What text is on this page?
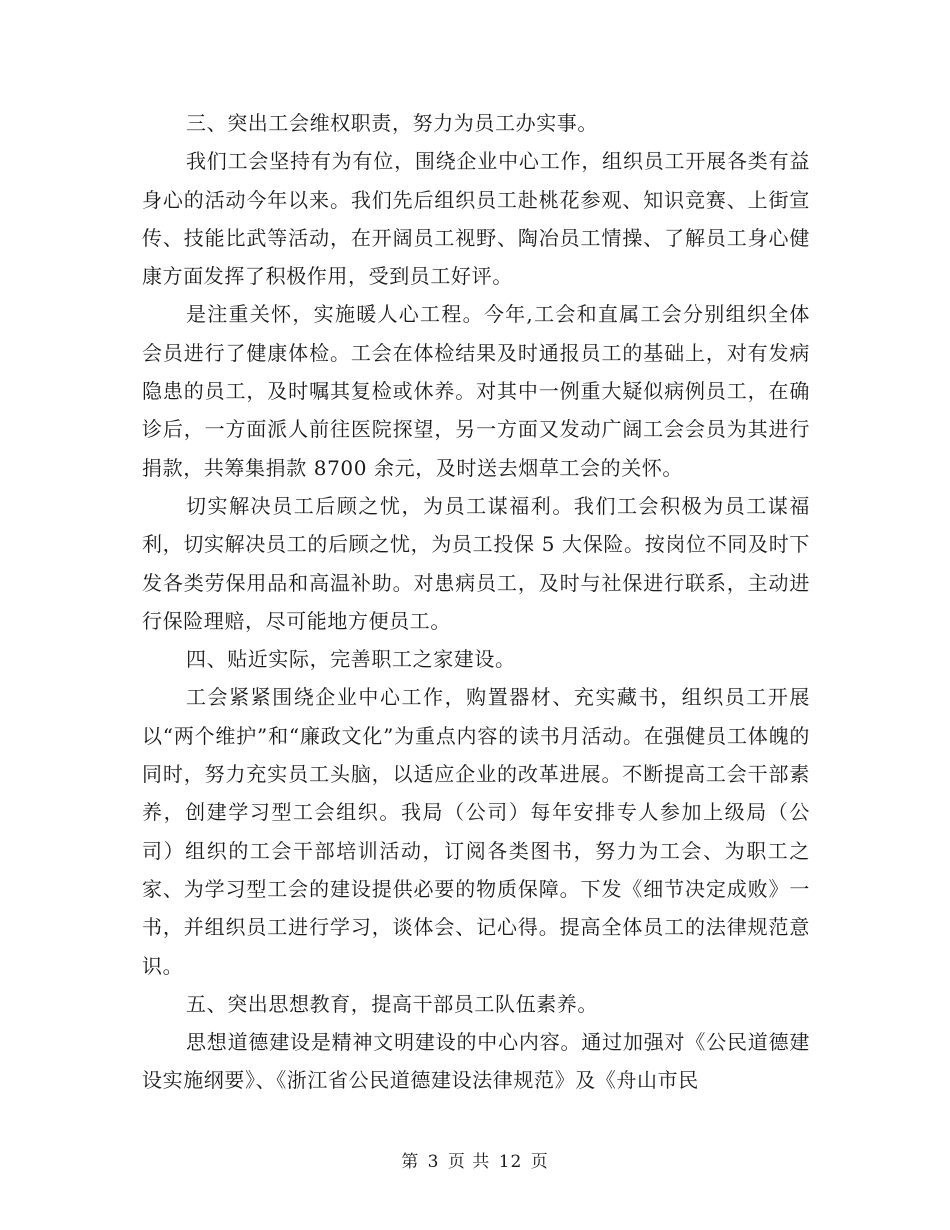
三、突出工会维权职责，努力为员工办实事。

我们工会坚持有为有位，围绕企业中心工作，组织员工开展各类有益身心的活动今年以来。我们先后组织员工赴桃花参观、知识竞赛、上街宣传、技能比武等活动，在开阔员工视野、陶冶员工情操、了解员工身心健康方面发挥了积极作用，受到员工好评。

是注重关怀，实施暖人心工程。今年,工会和直属工会分别组织全体会员进行了健康体检。工会在体检结果及时通报员工的基础上，对有发病隐患的员工，及时嘱其复检或休养。对其中一例重大疑似病例员工，在确诊后，一方面派人前往医院探望，另一方面又发动广阔工会会员为其进行捐款，共筹集捐款 8700 余元，及时送去烟草工会的关怀。

切实解决员工后顾之忧，为员工谋福利。我们工会积极为员工谋福利，切实解决员工的后顾之忧，为员工投保 5 大保险。按岗位不同及时下发各类劳保用品和高温补助。对患病员工，及时与社保进行联系，主动进行保险理赔，尽可能地方便员工。

四、贴近实际，完善职工之家建设。

工会紧紧围绕企业中心工作，购置器材、充实藏书，组织员工开展以“两个维护”和“廉政文化”为重点内容的读书月活动。在强健员工体魄的同时，努力充实员工头脑，以适应企业的改革进展。不断提高工会干部素养，创建学习型工会组织。我局（公司）每年安排专人参加上级局（公司）组织的工会干部培训活动，订阅各类图书，努力为工会、为职工之家、为学习型工会的建设提供必要的物质保障。下发《细节决定成败》一书，并组织员工进行学习，谈体会、记心得。提高全体员工的法律规范意识。

五、突出思想教育，提高干部员工队伍素养。

思想道德建设是精神文明建设的中心内容。通过加强对《公民道德建设实施纲要》、《浙江省公民道德建设法律规范》及《舟山市民

第 3 页 共 12 页
